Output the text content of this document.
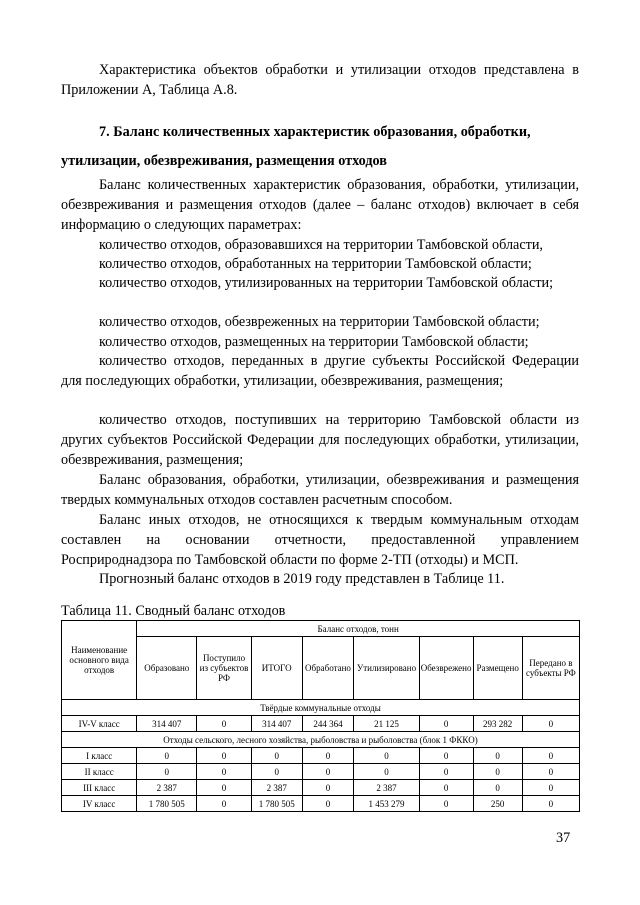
Характеристика объектов обработки и утилизации отходов представлена в Приложении А, Таблица А.8.
7. Баланс количественных характеристик образования, обработки,
утилизации, обезвреживания, размещения отходов
Баланс количественных характеристик образования, обработки, утилизации, обезвреживания и размещения отходов (далее – баланс отходов) включает в себя информацию о следующих параметрах:
количество отходов, образовавшихся на территории Тамбовской области,
количество отходов, обработанных на территории Тамбовской области;
количество отходов, утилизированных на территории Тамбовской области;
количество отходов, обезвреженных на территории Тамбовской области;
количество отходов, размещенных на территории Тамбовской области;
количество отходов, переданных в другие субъекты Российской Федерации для последующих обработки, утилизации, обезвреживания, размещения;
количество отходов, поступивших на территорию Тамбовской области из других субъектов Российской Федерации для последующих обработки, утилизации, обезвреживания, размещения;
Баланс образования, обработки, утилизации, обезвреживания и размещения твердых коммунальных отходов составлен расчетным способом.
Баланс иных отходов, не относящихся к твердым коммунальным отходам составлен на основании отчетности, предоставленной управлением Росприроднадзора по Тамбовской области по форме 2-ТП (отходы) и МСП.
Прогнозный баланс отходов в 2019 году представлен в Таблице 11.
Таблица 11. Сводный баланс отходов
Наименование основного вида отходов	Баланс отходов, тонн							
	Образовано	Поступило из субъектов РФ	ИТОГО	Обработано	Утилизировано	Обезврежено	Размещено	Передано в субъекты РФ
Твёрдые коммунальные отходы								
IV-V класс	314 407	0	314 407	244 364	21 125	0	293 282	0
Отходы сельского, лесного хозяйства, рыболовства и рыболовства (блок 1 ФККО)								
I класс	0	0	0	0	0	0	0	0
II класс	0	0	0	0	0	0	0	0
III класс	2 387	0	2 387	0	2 387	0	0	0
IV класс	1 780 505	0	1 780 505	0	1 453 279	0	250	0
37
